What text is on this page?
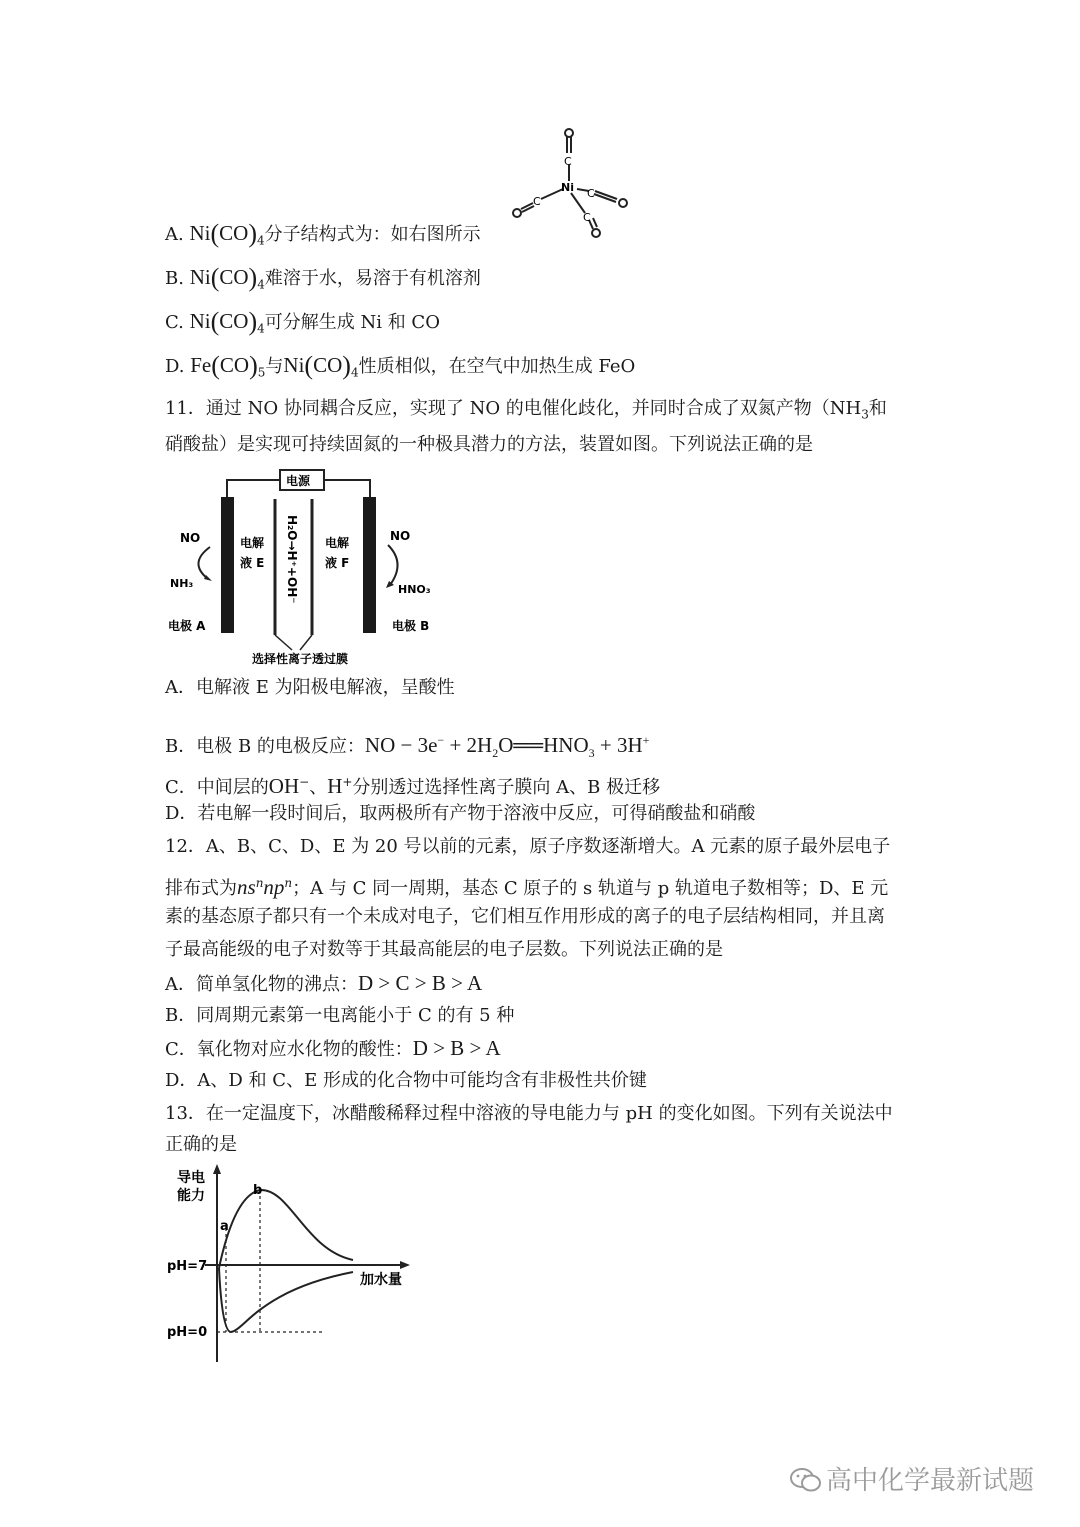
C
Ni C
C
C
A. $Ni(CO)_4$分子结构式为：如右图所示
B. $Ni(CO)_4$难溶于水，易溶于有机溶剂
C. $Ni(CO)_4$可分解生成 Ni 和 CO
D. $Fe(CO)_5$与$Ni(CO)_4$性质相似，在空气中加热生成 FeO
11．通过 NO 协同耦合反应，实现了 NO 的电催化歧化，并同时合成了双氮产物（$NH_3$和
硝酸盐）是实现可持续固氮的一种极具潜力的方法，装置如图。下列说法正确的是
电源
NO
NH₃
电解
液 E H₂O→H⁺+OH⁻ 电解
液 F
NO
HNO₃
电极 A	电极 B
选择性离子透过膜
A．电解液 E 为阳极电解液，呈酸性
B．电极 B 的电极反应：NO − $3e^- + 2H_2O══HNO_3 + 3H^+$
C．中间层的OH−、H+分别透过选择性离子膜向 A、B 极迁移
D．若电解一段时间后，取两极所有产物于溶液中反应，可得硝酸盐和硝酸
12．A、B、C、D、E 为 20 号以前的元素，原子序数逐渐增大。A 元素的原子最外层电子
排布式为$ns^nnp^n$；A 与 C 同一周期，基态 C 原子的 s 轨道与 p 轨道电子数相等；D、E 元
素的基态原子都只有一个未成对电子，它们相互作用形成的离子的电子层结构相同，并且离
子最高能级的电子对数等于其最高能层的电子层数。下列说法正确的是
A．简单氢化物的沸点：D > C > B > A
B．同周期元素第一电离能小于 C 的有 5 种
C．氧化物对应水化物的酸性：D > B > A
D．A、D 和 C、E 形成的化合物中可能均含有非极性共价键
13．在一定温度下，冰醋酸稀释过程中溶液的导电能力与 pH 的变化如图。下列有关说法中
正确的是
导电
能力
pH=7
pH=0
加水量
a
b
高中化学最新试题
